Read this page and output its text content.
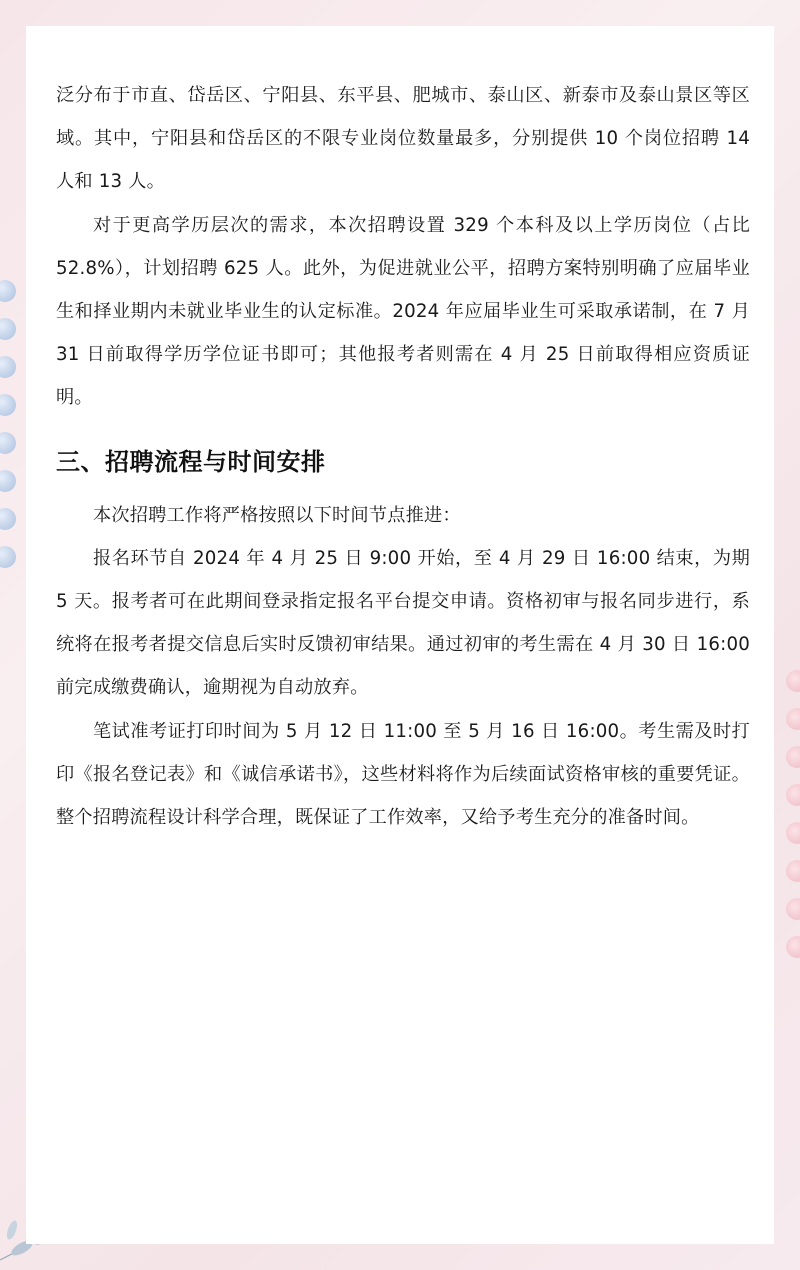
泛分布于市直、岱岳区、宁阳县、东平县、肥城市、泰山区、新泰市及泰山景区等区域。其中，宁阳县和岱岳区的不限专业岗位数量最多，分别提供 10 个岗位招聘 14 人和 13 人。

对于更高学历层次的需求，本次招聘设置 329 个本科及以上学历岗位（占比 52.8%），计划招聘 625 人。此外，为促进就业公平，招聘方案特别明确了应届毕业生和择业期内未就业毕业生的认定标准。2024 年应届毕业生可采取承诺制，在 7 月 31 日前取得学历学位证书即可；其他报考者则需在 4 月 25 日前取得相应资质证明。

三、招聘流程与时间安排

本次招聘工作将严格按照以下时间节点推进：

报名环节自 2024 年 4 月 25 日 9:00 开始，至 4 月 29 日 16:00 结束，为期 5 天。报考者可在此期间登录指定报名平台提交申请。资格初审与报名同步进行，系统将在报考者提交信息后实时反馈初审结果。通过初审的考生需在 4 月 30 日 16:00 前完成缴费确认，逾期视为自动放弃。

笔试准考证打印时间为 5 月 12 日 11:00 至 5 月 16 日 16:00。考生需及时打印《报名登记表》和《诚信承诺书》，这些材料将作为后续面试资格审核的重要凭证。整个招聘流程设计科学合理，既保证了工作效率，又给予考生充分的准备时间。
